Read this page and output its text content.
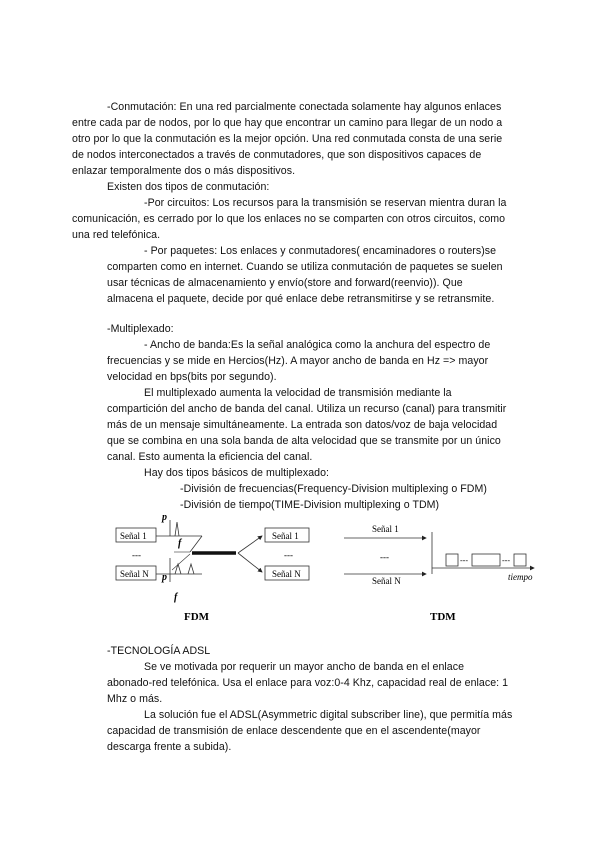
-Conmutación: En una red parcialmente conectada solamente hay algunos enlaces
entre cada par de nodos, por lo que hay que encontrar un camino para llegar de un nodo a
otro por lo que la conmutación es la mejor opción. Una red conmutada consta de una serie
de nodos interconectados a través de conmutadores, que son dispositivos capaces de
enlazar temporalmente dos o más dispositivos.
Existen dos tipos de conmutación:
-Por circuitos: Los recursos para la transmisión se reservan mientra duran la
comunicación, es cerrado por lo que los enlaces no se comparten con otros circuitos, como
una red telefónica.
- Por paquetes: Los enlaces y conmutadores( encaminadores o routers)se
comparten como en internet. Cuando se utiliza conmutación de paquetes se suelen
usar técnicas de almacenamiento y envío(store and forward(reenvio)). Que
almacena el paquete, decide por qué enlace debe retransmitirse y se retransmite.
-Multiplexado:
- Ancho de banda:Es la señal analógica como la anchura del espectro de
frecuencias y se mide en Hercios(Hz). A mayor ancho de banda en Hz => mayor
velocidad en bps(bits por segundo).
El multiplexado aumenta la velocidad de transmisión mediante la
compartición del ancho de banda del canal. Utiliza un recurso (canal) para transmitir
más de un mensaje simultáneamente. La entrada son datos/voz de baja velocidad
que se combina en una sola banda de alta velocidad que se transmite por un único
canal. Esto aumenta la eficiencia del canal.
Hay dos tipos básicos de multiplexado:
-División de frecuencias(Frequency-Division multiplexing o FDM)
-División de tiempo(TIME-Division multiplexing o TDM)
Señal 1
Señal N
---
p
f
p
f
Señal 1
---
Señal N
FDM
Señal 1
---
Señal N
---	---
tiempo
TDM
-TECNOLOGÍA ADSL
Se ve motivada por requerir un mayor ancho de banda en el enlace
abonado-red telefónica. Usa el enlace para voz:0-4 Khz, capacidad real de enlace: 1
Mhz o más.
La solución fue el ADSL(Asymmetric digital subscriber line), que permitía más
capacidad de transmisión de enlace descendente que en el ascendente(mayor
descarga frente a subida).
